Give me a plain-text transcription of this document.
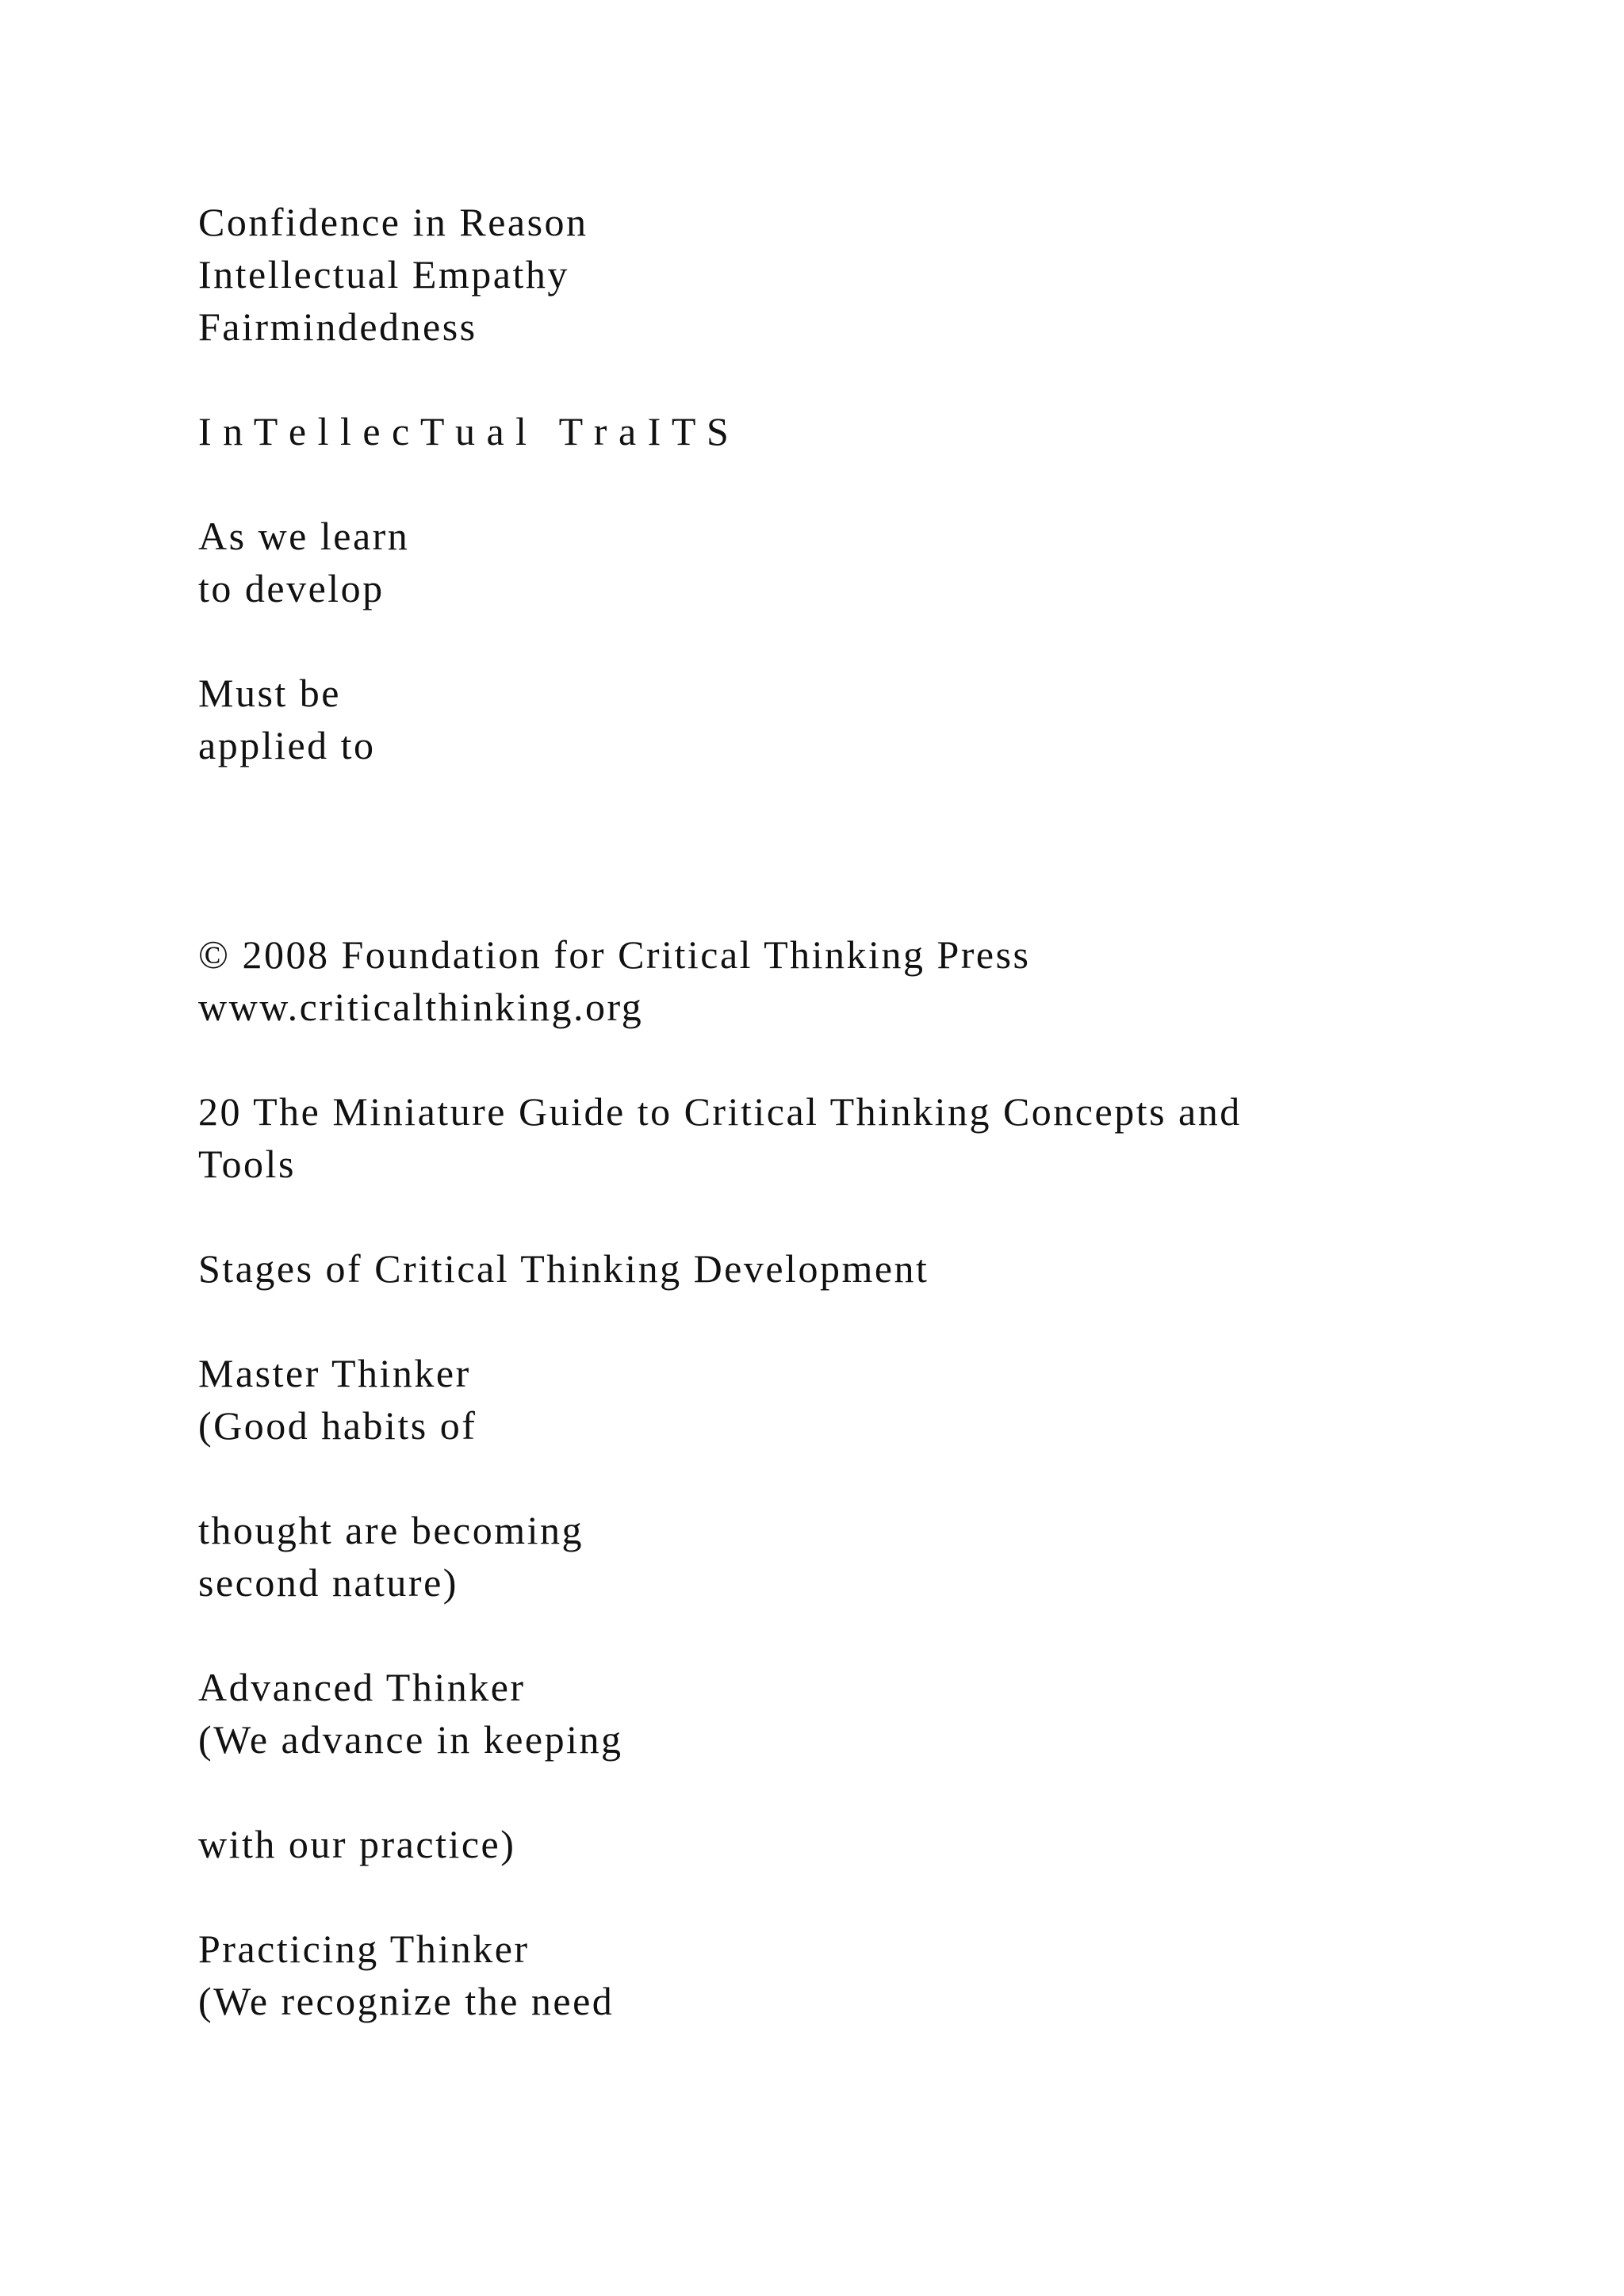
Confidence in Reason

Intellectual Empathy

Fairmindedness

I n T e l l e c T u a l   T r a I T S

As we learn

to develop

Must be

applied to

© 2008 Foundation for Critical Thinking Press

www.criticalthinking.org

20 The Miniature Guide to Critical Thinking Concepts and

Tools

Stages of Critical Thinking Development

Master Thinker

(Good habits of

thought are becoming

second nature)

Advanced Thinker

(We advance in keeping

with our practice)

Practicing Thinker

(We recognize the need
